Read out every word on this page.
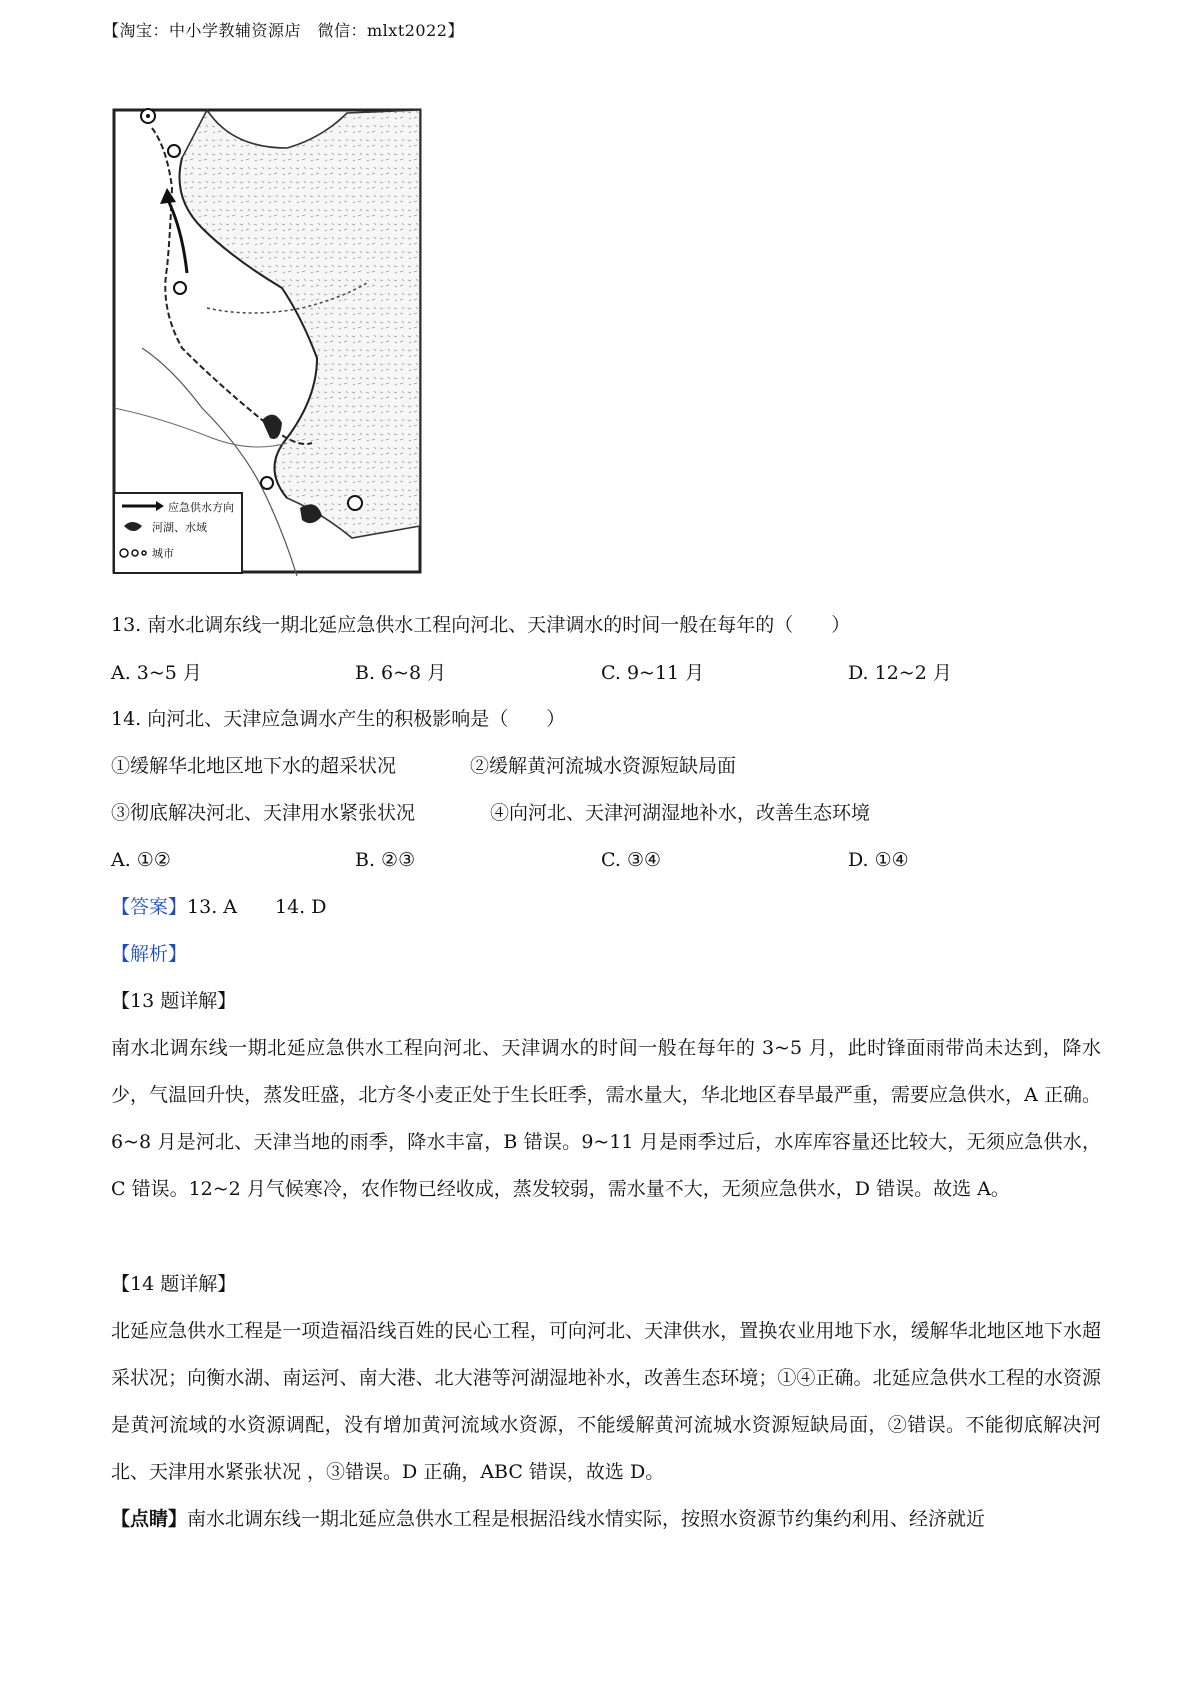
【淘宝：中小学教辅资源店　微信：mlxt2022】
应急供水方向
河湖、水域
城市
13. 南水北调东线一期北延应急供水工程向河北、天津调水的时间一般在每年的（　　）
A. 3~5 月	B. 6~8 月	C. 9~11 月	D. 12~2 月
14. 向河北、天津应急调水产生的积极影响是（　　）
①缓解华北地区地下水的超采状况	②缓解黄河流城水资源短缺局面
③彻底解决河北、天津用水紧张状况	④向河北、天津河湖湿地补水，改善生态环境
A. ①②	B. ②③	C. ③④	D. ①④
【答案】13. A　　14. D
【解析】
【13 题详解】
南水北调东线一期北延应急供水工程向河北、天津调水的时间一般在每年的 3~5 月，此时锋面雨带尚未达到，降水少，气温回升快，蒸发旺盛，北方冬小麦正处于生长旺季，需水量大，华北地区春旱最严重，需要应急供水，A 正确。6~8 月是河北、天津当地的雨季，降水丰富，B 错误。9~11 月是雨季过后，水库库容量还比较大，无须应急供水，C 错误。12~2 月气候寒冷，农作物已经收成，蒸发较弱，需水量不大，无须应急供水，D 错误。故选 A。
【14 题详解】
北延应急供水工程是一项造福沿线百姓的民心工程，可向河北、天津供水，置换农业用地下水，缓解华北地区地下水超采状况；向衡水湖、南运河、南大港、北大港等河湖湿地补水，改善生态环境；①④正确。北延应急供水工程的水资源是黄河流域的水资源调配，没有增加黄河流域水资源，不能缓解黄河流城水资源短缺局面，②错误。不能彻底解决河北、天津用水紧张状况 ，③错误。D 正确，ABC 错误，故选 D。
【点睛】南水北调东线一期北延应急供水工程是根据沿线水情实际，按照水资源节约集约利用、经济就近
